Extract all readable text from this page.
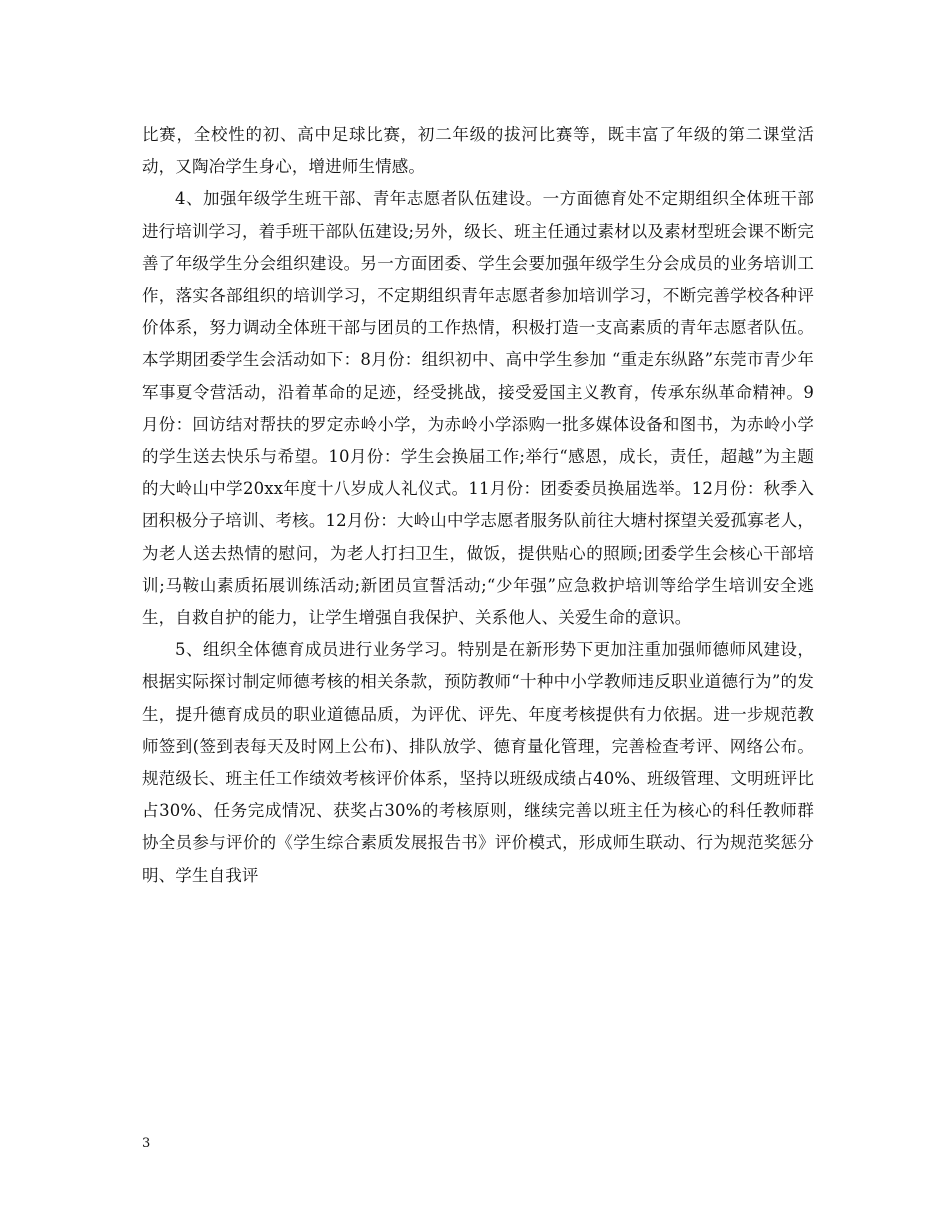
比赛，全校性的初、高中足球比赛，初二年级的拔河比赛等，既丰富了年级的第二课堂活动，又陶冶学生身心，增进师生情感。

4、加强年级学生班干部、青年志愿者队伍建设。一方面德育处不定期组织全体班干部进行培训学习，着手班干部队伍建设;另外，级长、班主任通过素材以及素材型班会课不断完善了年级学生分会组织建设。另一方面团委、学生会要加强年级学生分会成员的业务培训工作，落实各部组织的培训学习，不定期组织青年志愿者参加培训学习，不断完善学校各种评价体系，努力调动全体班干部与团员的工作热情，积极打造一支高素质的青年志愿者队伍。本学期团委学生会活动如下：8月份：组织初中、高中学生参加 “重走东纵路”东莞市青少年军事夏令营活动，沿着革命的足迹，经受挑战，接受爱国主义教育，传承东纵革命精神。9月份：回访结对帮扶的罗定赤岭小学，为赤岭小学添购一批多媒体设备和图书，为赤岭小学的学生送去快乐与希望。10月份：学生会换届工作;举行“感恩，成长，责任，超越”为主题的大岭山中学20xx年度十八岁成人礼仪式。11月份：团委委员换届选举。12月份：秋季入团积极分子培训、考核。12月份：大岭山中学志愿者服务队前往大塘村探望关爱孤寡老人，为老人送去热情的慰问，为老人打扫卫生，做饭，提供贴心的照顾;团委学生会核心干部培训;马鞍山素质拓展训练活动;新团员宣誓活动;“少年强”应急救护培训等给学生培训安全逃生，自救自护的能力，让学生增强自我保护、关系他人、关爱生命的意识。

5、组织全体德育成员进行业务学习。特别是在新形势下更加注重加强师德师风建设，根据实际探讨制定师德考核的相关条款，预防教师“十种中小学教师违反职业道德行为”的发生，提升德育成员的职业道德品质，为评优、评先、年度考核提供有力依据。进一步规范教师签到(签到表每天及时网上公布)、排队放学、德育量化管理，完善检查考评、网络公布。规范级长、班主任工作绩效考核评价体系，坚持以班级成绩占40%、班级管理、文明班评比占30%、任务完成情况、获奖占30%的考核原则，继续完善以班主任为核心的科任教师群协全员参与评价的《学生综合素质发展报告书》评价模式，形成师生联动、行为规范奖惩分明、学生自我评

3
